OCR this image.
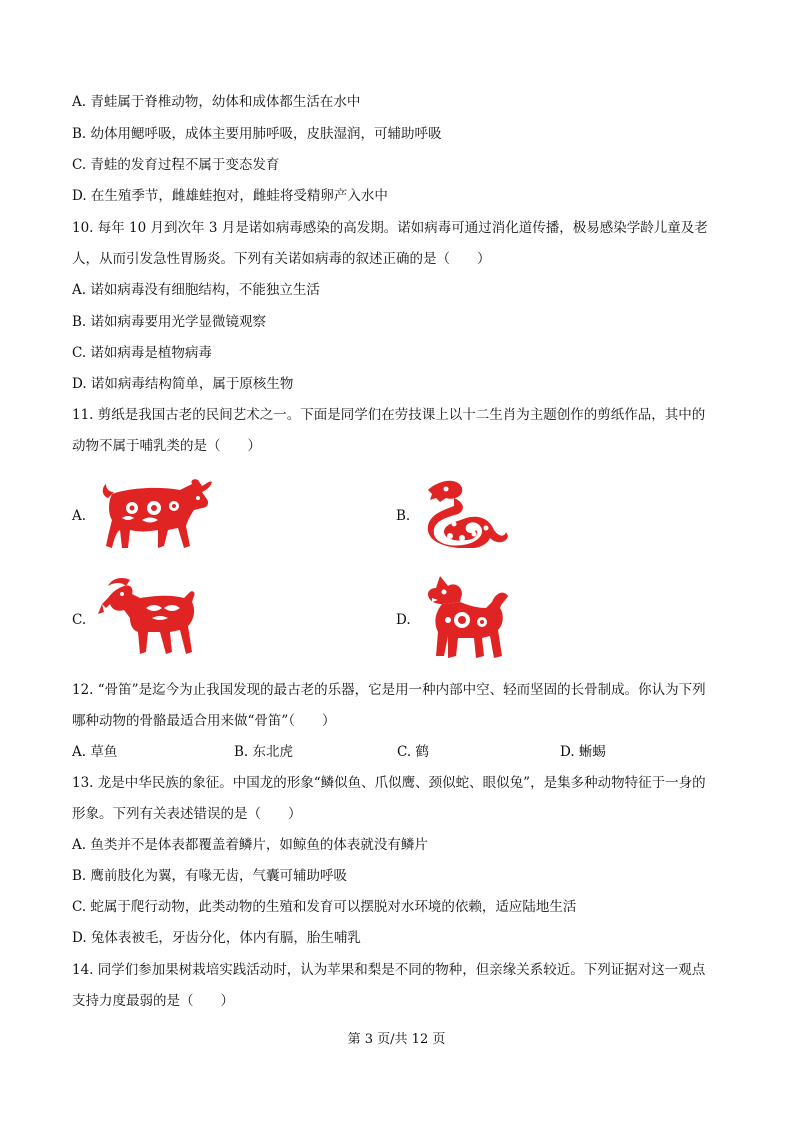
A. 青蛙属于脊椎动物，幼体和成体都生活在水中
B. 幼体用鳃呼吸，成体主要用肺呼吸，皮肤湿润，可辅助呼吸
C. 青蛙的发育过程不属于变态发育
D. 在生殖季节，雌雄蛙抱对，雌蛙将受精卵产入水中
10. 每年 10 月到次年 3 月是诺如病毒感染的高发期。诺如病毒可通过消化道传播，极易感染学龄儿童及老
人，从而引发急性胃肠炎。下列有关诺如病毒的叙述正确的是（　　）
A. 诺如病毒没有细胞结构，不能独立生活
B. 诺如病毒要用光学显微镜观察
C. 诺如病毒是植物病毒
D. 诺如病毒结构简单，属于原核生物
11. 剪纸是我国古老的民间艺术之一。下面是同学们在劳技课上以十二生肖为主题创作的剪纸作品，其中的
动物不属于哺乳类的是（　　）
A.	B.
C.	D.
12. “骨笛”是迄今为止我国发现的最古老的乐器，它是用一种内部中空、轻而坚固的长骨制成。你认为下列
哪种动物的骨骼最适合用来做“骨笛”（　　）
A. 草鱼	B. 东北虎	C. 鹤	D. 蜥蜴
13. 龙是中华民族的象征。中国龙的形象“鳞似鱼、爪似鹰、颈似蛇、眼似兔”，是集多种动物特征于一身的
形象。下列有关表述错误的是（　　）
A. 鱼类并不是体表都覆盖着鳞片，如鲸鱼的体表就没有鳞片
B. 鹰前肢化为翼，有喙无齿，气囊可辅助呼吸
C. 蛇属于爬行动物，此类动物的生殖和发育可以摆脱对水环境的依赖，适应陆地生活
D. 兔体表被毛，牙齿分化，体内有膈，胎生哺乳
14. 同学们参加果树栽培实践活动时，认为苹果和梨是不同的物种，但亲缘关系较近。下列证据对这一观点
支持力度最弱的是（　　）
第 3 页/共 12 页
